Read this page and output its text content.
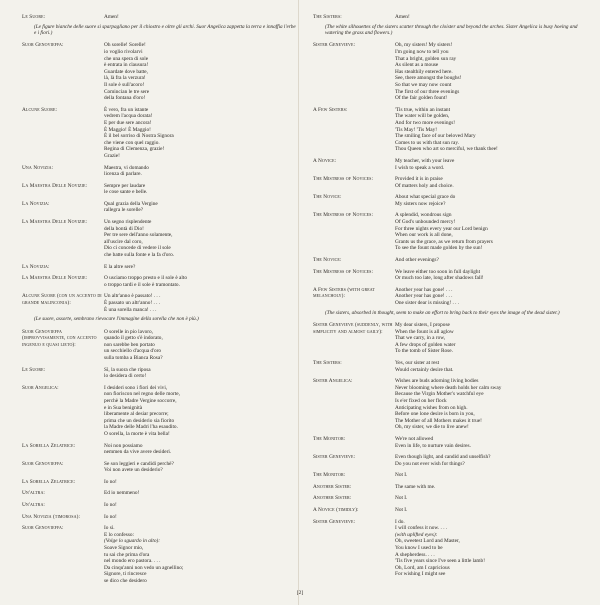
Le Suore:	Amen!
(Le figure bianche delle suore si sparpagliano per il chiostro e oltre gli archi. Suor Angelica zappetta la terra e innaffia l'erbe e i fiori.)
Suor Genovieffa:	Oh sorelle! Sorelle!
io voglio rivolarvi
che una spera di sole
è entrata in clausura!
Guardate dove batte,
là, là fra la verzura!
Il sole è sull'acoro!
Comincian le tre sere
della fontana d'oro!
Alcune Suore:	È vero, fra un istante
vedrem l'acqua dorata!
E per due sere ancora!
È Maggio! È Maggio!
È il bel sorriso di Nostra Signora
che viene con quel raggio.
Regina di Clemenza, grazie!
Grazie!
Una Novizia:	Maestra, vi domando
licenza di parlare.
La Maestra Delle Novizie:	Sempre per laudare
le cose sante e belle.
La Novizia:	Qual grazia della Vergine
rallegra le sorelle?
La Maestra Delle Novizie:	Un segno risplendente
della bontà di Dio!
Per tre sere dell'anno solamente,
all'uscire dal coro,
Dio ci concede di vedere il sole
che batte sulla fonte e la fa d'oro.
La Novizia:	E la altre sere?
La Maestra Delle Novizie:	O usciamo troppo presto e il sole è alto
o troppo tardi e il sole è tramontato.
Alcune Suore (con un accento di grande malinconia):
Un altr'anno è passato! . . .
È passato un altr'anno! . . .
È una sorella manca! . . .
(Le suore, assorte, sembrano rievocare l'immagine della sorella che non è più.)
Suor Genovieffa (improvvisamente, con accento ingenuo e quasi lieto):
O sorelle in pio lavoro,
quando il getto s'è indorato,
non sarebbe ben portato
un secchiello d'acqua d'oro
sulla tomba a Bianca Rosa?
Le Suore:	Sì, la suora che riposa
lo desidera di certo!
Suor Angelica:	I desideri sono i fiori dei vivi,
non fioriscon nel regno delle morte,
perchè la Madre Vergine soccorre,
e in Sua benignità
liberamente al desiar precorre;
prima che un desiderio sia fiorito
la Madre delle Madri l'ha esaudito.
O sorella, la morte è vita bella!
La Sorella Zelatrice:	Noi non possiamo
nemmen da vive avere desideri.
Suor Genovieffa:	Se son leggieri e candidi perchè?
Voi non avete un desiderio?
La Sorella Zelatrice:	Io no!
Un'altra:	Ed io nemmeno!
Un'altra:	Io no!
Una Novizia (timorosa):	Io no!
Suor Genovieffa:	Io sì.
E lo confesso:
(Volge lo sguardo in alto):
Soave Signor mio,
tu sai che prima d'ora
nel mondo ero pastora. . . .
Da cinqu'anni non vedo un agnellino;
Signore, ti rincresce
se dico che desidero
The Sisters:	Amen!
(The white silhouettes of the sisters scatter through the cloister and beyond the arches. Sister Angelica is busy hoeing and watering the grass and flowers.)
Sister Genevieve:	Oh, my sisters! My sisters!
I'm going now to tell you
That a bright, golden sun ray
As silent as a mouse
Has stealthily entered here.
See, there amongst the boughs!
So that we may now count
The first of our three evenings
Of the fair golden fount!
A Few Sisters:	'Tis true, within an instant
The water will be golden,
And for two more evenings!
'Tis May! 'Tis May!
The smiling face of our beloved Mary
Comes to us with that sun ray.
Thou Queen who art so merciful, we thank thee!
A Novice:	My teacher, with your leave
I wish to speak a word.
The Mistress of Novices:	Provided it is in praise
Of matters holy and choice.
The Novice:	About what special grace do
My sisters now rejoice?
The Mistress of Novices:	A splendid, wondrous sign
Of God's unbounded mercy!
For three nights every year our Lord benign
When our work is all done,
Grants us the grace, as we return from prayers
To see the fount made golden by the sun!
The Novice:	And other evenings?
The Mistress of Novices:	We leave either too soon in full daylight
Or much too late, long after shadows fall!
A Few Sisters (with great melancholy):
Another year has gone! . . .
Another year has gone! . . .
One sister dear is missing! . . .
(The sisters, absorbed in thought, seem to make an effort to bring back to their eyes the image of the dead sister.)
Sister Genevieve (suddenly, with simplicity and almost gaily):
My dear sisters, I propose
When the fount is all aglow
That we carry, in a row,
A few drops of golden water
To the tomb of Sister Rose.
The Sisters:	Yes, our sister at rest
Would certainly desire that.
Sister Angelica:	Wishes are buds adorning living bodies
Never blooming where death holds her calm sway
Because the Virgin Mother's watchful eye
Is e'er fixed on her flock
Anticipating wishes from on high.
Before one lone desire is born in you,
The Mother of all Mothers makes it true!
Oh, my sister, we die to live anew!
The Monitor:	We're not allowed
Even in life, to nurture vain desires.
Sister Genevieve:	Even though light, and candid and unselfish?
Do you not ever wish for things?
The Monitor:	Not I.
Another Sister:	The same with me.
Another Sister:	Not I.
A Novice (timidly):	Not I.
Sister Genevieve:	I do.
I will confess it now. . . .
(with uplifted eyes):
Oh, sweetest Lord and Master,
You know I used to be
A shepherdess. . . .
'Tis five years since I've seen a little lamb!
Oh, Lord, am I capricious
For wishing I might see
[2]
